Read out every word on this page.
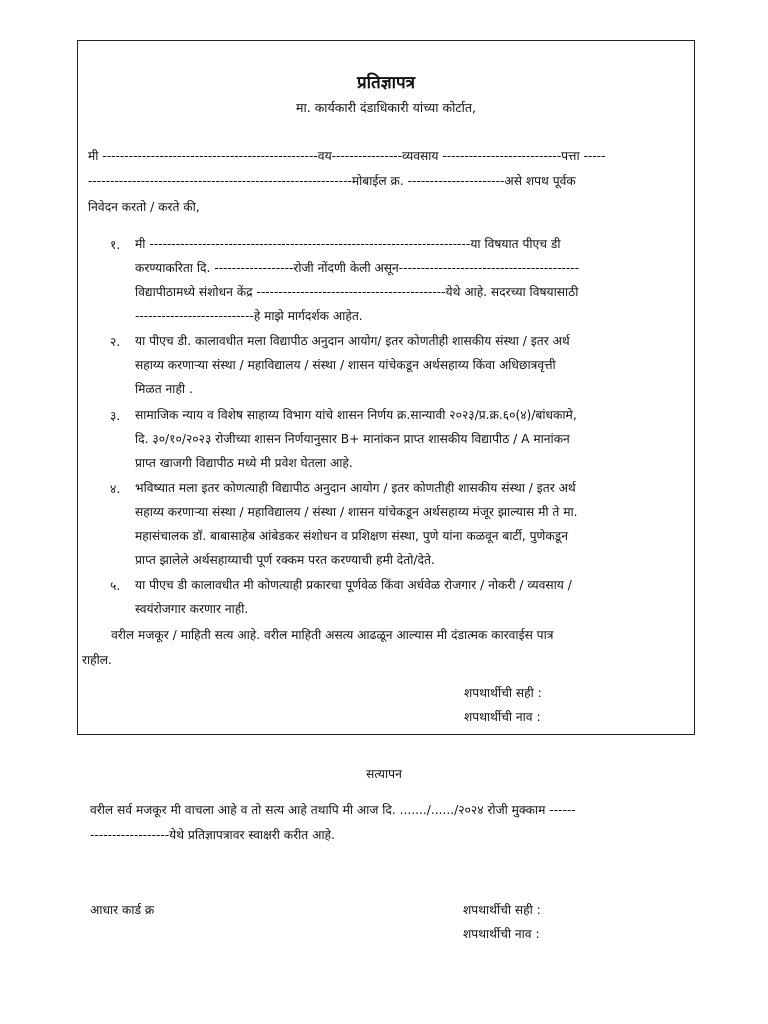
प्रतिज्ञापत्र
मा. कार्यकारी दंडाधिकारी यांच्या कोर्टात,
मी -------------------------------------------------वय----------------व्यवसाय ---------------------------पत्ता -----
------------------------------------------------------------मोबाईल क्र. ----------------------असे शपथ पूर्वक
निवेदन करतो / करते की,
१. मी -------------------------------------------------------------------------या विषयात पीएच डी
करण्याकरिता दि. ------------------रोजी नोंदणी केली असून-----------------------------------------
विद्यापीठामध्ये संशोधन केंद्र -------------------------------------------येथे आहे. सदरच्या विषयासाठी
---------------------------हे माझे मार्गदर्शक आहेत.
२. या पीएच डी. कालावधीत मला विद्यापीठ अनुदान आयोग/ इतर कोणतीही शासकीय संस्था / इतर अर्थ
सहाय्य करणाऱ्या संस्था / महाविद्यालय / संस्था / शासन यांचेकडून अर्थसहाय्य किंवा अधिछात्रवृत्ती
मिळत नाही .
३. सामाजिक न्याय व विशेष साहाय्य विभाग यांचे शासन निर्णय क्र.सान्यावी २०२३/प्र.क्र.६०(४)/बांधकामे,
दि. ३०/१०/२०२३ रोजीच्या शासन निर्णयानुसार B+ मानांकन प्राप्त शासकीय विद्यापीठ / A मानांकन
प्राप्त खाजगी विद्यापीठ मध्ये मी प्रवेश घेतला आहे.
४. भविष्यात मला इतर कोणत्याही विद्यापीठ अनुदान आयोग / इतर कोणतीही शासकीय संस्था / इतर अर्थ
सहाय्य करणाऱ्या संस्था / महाविद्यालय / संस्था / शासन यांचेकडून अर्थसहाय्य मंजूर झाल्यास मी ते मा.
महासंचालक डॉ. बाबासाहेब आंबेडकर संशोधन व प्रशिक्षण संस्था, पुणे यांना कळवून बार्टी, पुणेकडून
प्राप्त झालेले अर्थसहाय्याची पूर्ण रक्कम परत करण्याची हमी देतो/देते.
५. या पीएच डी कालावधीत मी कोणत्याही प्रकारचा पूर्णवेळ किंवा अर्धवेळ रोजगार / नोकरी / व्यवसाय /
स्वयंरोजगार करणार नाही.
वरील मजकूर / माहिती सत्य आहे. वरील माहिती असत्य आढळून आल्यास मी दंडात्मक कारवाईस पात्र
राहील.
शपथार्थीची सही :
शपथार्थीची नाव :
सत्यापन
वरील सर्व मजकूर मी वाचला आहे व तो सत्य आहे तथापि मी आज दि. ......./....../२०२४ रोजी मुक्काम ------
------------------येथे प्रतिज्ञापत्रावर स्वाक्षरी करीत आहे.
आधार कार्ड क्र	शपथार्थीची सही :
शपथार्थीची नाव :
